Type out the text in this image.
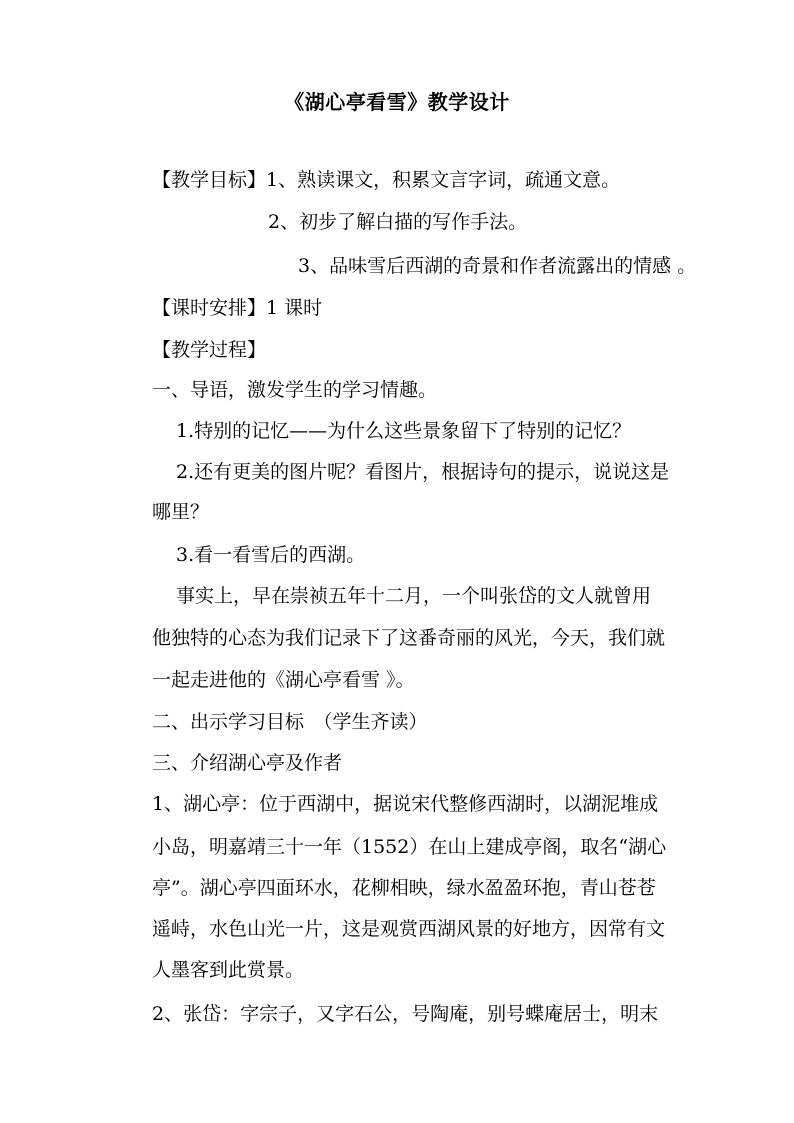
《湖心亭看雪》教学设计
【教学目标】1、熟读课文，积累文言字词，疏通文意。
2、初步了解白描的写作手法。
3、品味雪后西湖的奇景和作者流露出的情感 。
【课时安排】1 课时
【教学过程】
一、导语，激发学生的学习情趣。
1.特别的记忆——为什么这些景象留下了特别的记忆？
2.还有更美的图片呢？看图片，根据诗句的提示，说说这是
哪里？
3.看一看雪后的西湖。
事实上，早在崇祯五年十二月，一个叫张岱的文人就曾用
他独特的心态为我们记录下了这番奇丽的风光，今天，我们就
一起走进他的《湖心亭看雪 》。
二、出示学习目标　（学生齐读）
三、介绍湖心亭及作者
1、湖心亭：位于西湖中，据说宋代整修西湖时，以湖泥堆成
小岛，明嘉靖三十一年（1552）在山上建成亭阁，取名“湖心
亭”。湖心亭四面环水，花柳相映，绿水盈盈环抱，青山苍苍
遥峙，水色山光一片，这是观赏西湖风景的好地方，因常有文
人墨客到此赏景。
2、张岱：字宗子，又字石公，号陶庵，别号蝶庵居士，明末
